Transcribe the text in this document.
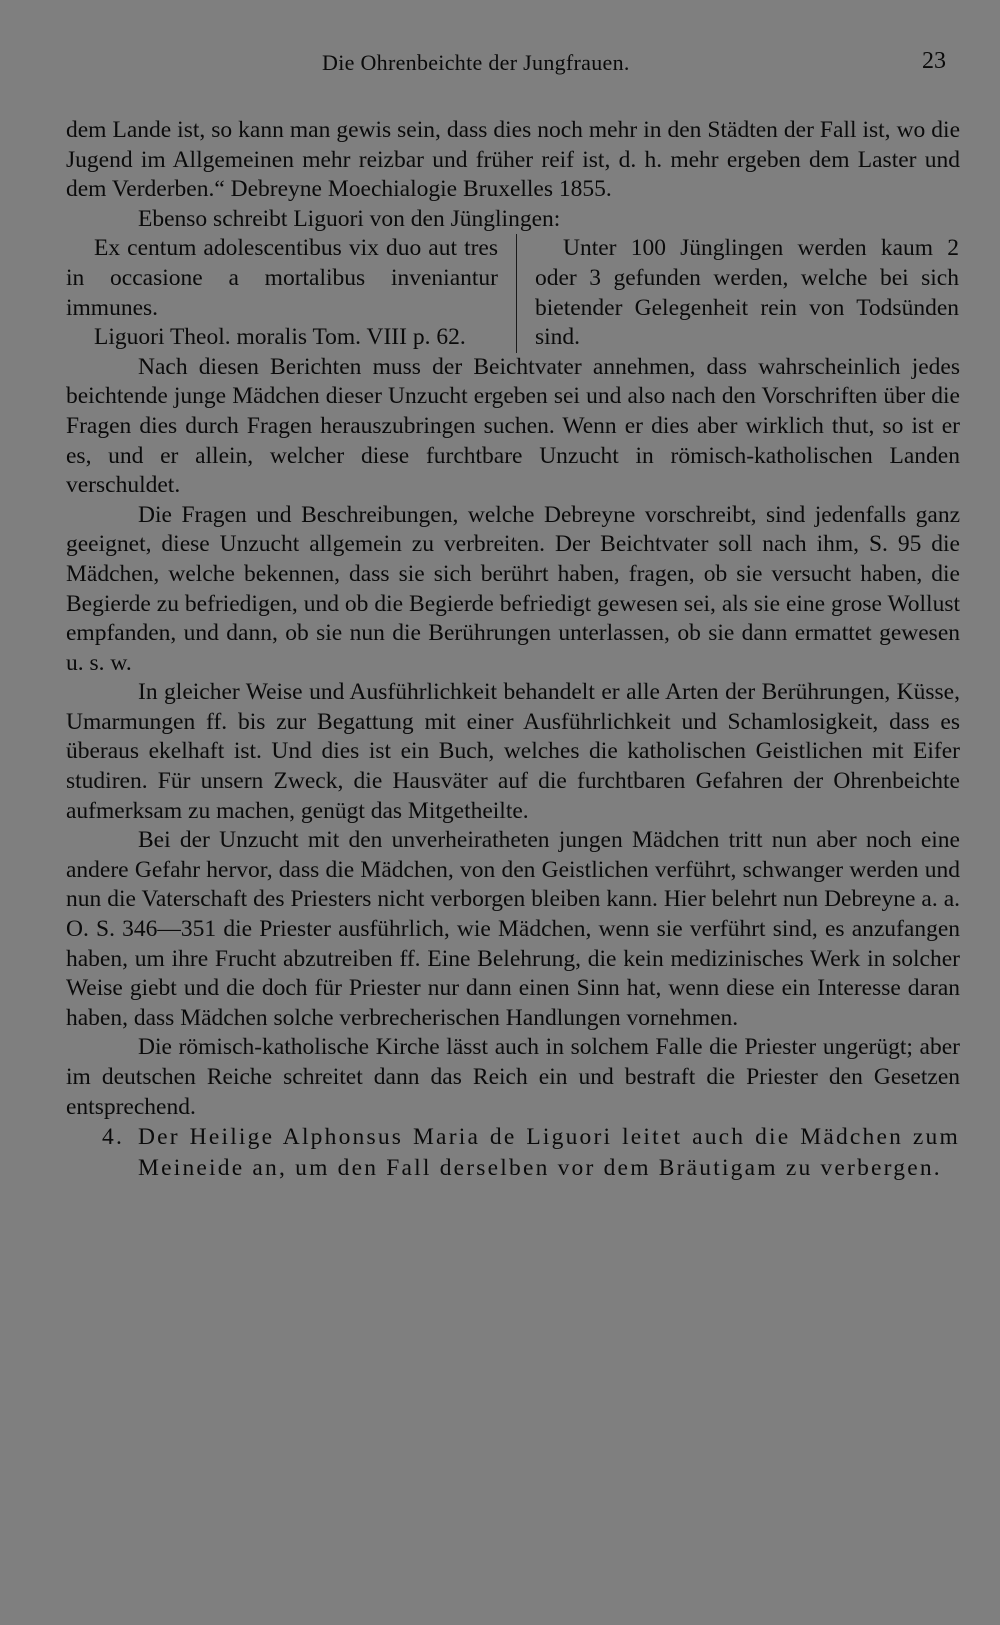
Die Ohrenbeichte der Jungfrauen.	23

dem Lande ist, so kann man gewis sein, dass dies noch mehr in den Städten der Fall ist, wo die Jugend im Allgemeinen mehr reizbar und früher reif ist, d. h. mehr ergeben dem Laster und dem Verderben.“ Debreyne Moechialogie Bruxelles 1855.

Ebenso schreibt Liguori von den Jünglingen:

Ex centum adolescentibus vix duo aut tres in occasione a mortalibus inveniantur immunes.

Liguori Theol. moralis Tom. VIII p. 62.

Unter 100 Jünglingen werden kaum 2 oder 3 gefunden werden, welche bei sich bietender Gelegenheit rein von Todsünden sind.

Nach diesen Berichten muss der Beichtvater annehmen, dass wahrscheinlich jedes beichtende junge Mädchen dieser Unzucht ergeben sei und also nach den Vorschriften über die Fragen dies durch Fragen herauszubringen suchen. Wenn er dies aber wirklich thut, so ist er es, und er allein, welcher diese furchtbare Unzucht in römisch-katholischen Landen verschuldet.

Die Fragen und Beschreibungen, welche Debreyne vorschreibt, sind jedenfalls ganz geeignet, diese Unzucht allgemein zu verbreiten. Der Beichtvater soll nach ihm, S. 95 die Mädchen, welche bekennen, dass sie sich berührt haben, fragen, ob sie versucht haben, die Begierde zu befriedigen, und ob die Begierde befriedigt gewesen sei, als sie eine grose Wollust empfanden, und dann, ob sie nun die Berührungen unterlassen, ob sie dann ermattet gewesen u. s. w.

In gleicher Weise und Ausführlichkeit behandelt er alle Arten der Berührungen, Küsse, Umarmungen ff. bis zur Begattung mit einer Ausführlichkeit und Schamlosigkeit, dass es überaus ekelhaft ist. Und dies ist ein Buch, welches die katholischen Geistlichen mit Eifer studiren. Für unsern Zweck, die Hausväter auf die furchtbaren Gefahren der Ohrenbeichte aufmerksam zu machen, genügt das Mitgetheilte.

Bei der Unzucht mit den unverheiratheten jungen Mädchen tritt nun aber noch eine andere Gefahr hervor, dass die Mädchen, von den Geistlichen verführt, schwanger werden und nun die Vaterschaft des Priesters nicht verborgen bleiben kann. Hier belehrt nun Debreyne a. a. O. S. 346—351 die Priester ausführlich, wie Mädchen, wenn sie verführt sind, es anzufangen haben, um ihre Frucht abzutreiben ff. Eine Belehrung, die kein medizinisches Werk in solcher Weise giebt und die doch für Priester nur dann einen Sinn hat, wenn diese ein Interesse daran haben, dass Mädchen solche verbrecherischen Handlungen vornehmen.

Die römisch-katholische Kirche lässt auch in solchem Falle die Priester ungerügt; aber im deutschen Reiche schreitet dann das Reich ein und bestraft die Priester den Gesetzen entsprechend.

4. Der Heilige Alphonsus Maria de Liguori leitet auch die Mädchen zum Meineide an, um den Fall derselben vor dem Bräutigam zu verbergen.
